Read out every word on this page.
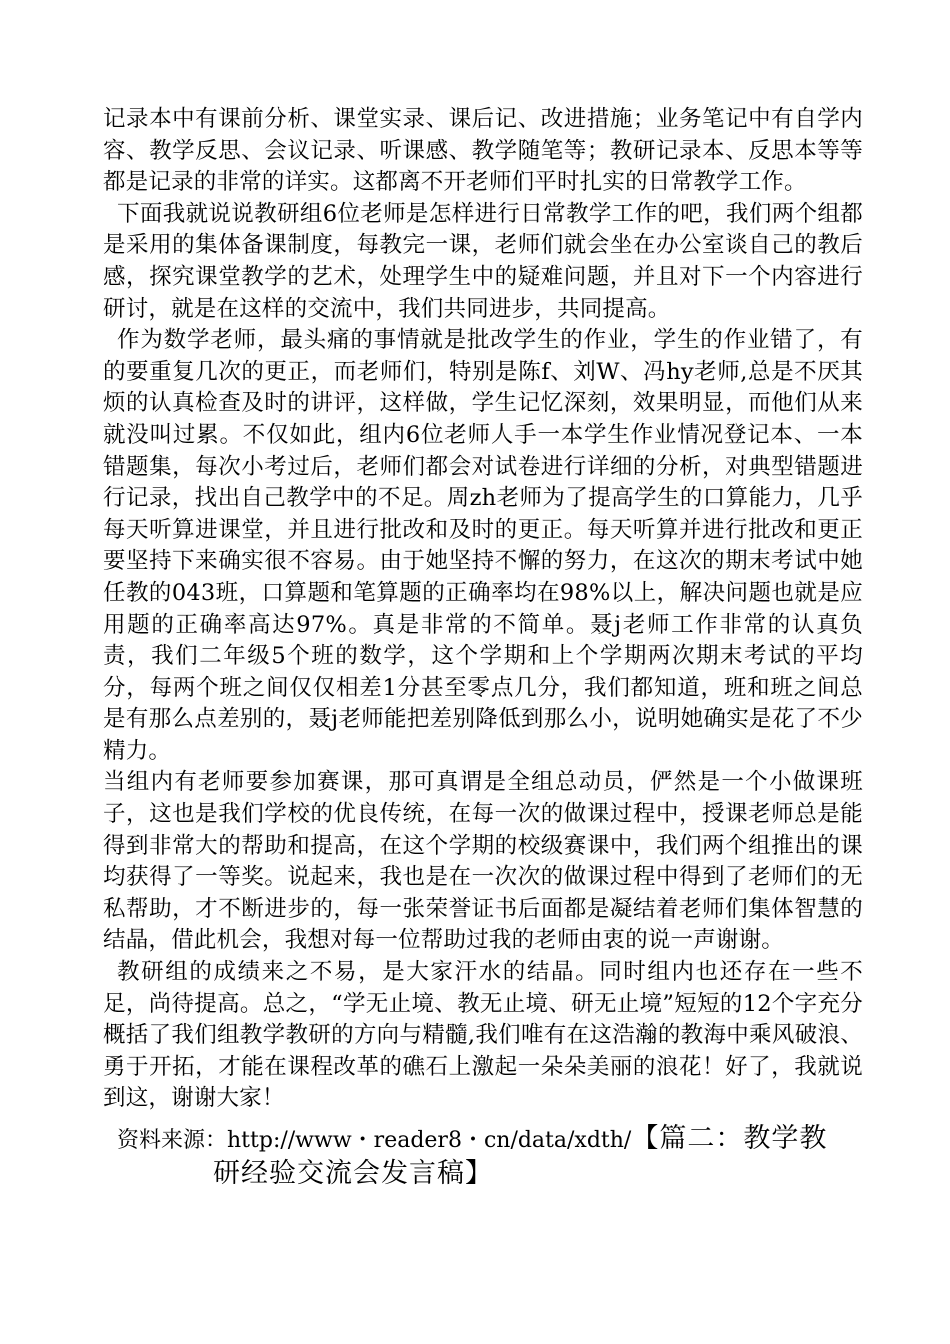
记录本中有课前分析、课堂实录、课后记、改进措施；业务笔记中有自学内容、教学反思、会议记录、听课感、教学随笔等；教研记录本、反思本等等都是记录的非常的详实。这都离不开老师们平时扎实的日常教学工作。

下面我就说说教研组6位老师是怎样进行日常教学工作的吧，我们两个组都是采用的集体备课制度，每教完一课，老师们就会坐在办公室谈自己的教后感，探究课堂教学的艺术，处理学生中的疑难问题，并且对下一个内容进行研讨，就是在这样的交流中，我们共同进步，共同提高。

作为数学老师，最头痛的事情就是批改学生的作业，学生的作业错了，有的要重复几次的更正，而老师们，特别是陈f、刘W、冯hy老师,总是不厌其烦的认真检查及时的讲评，这样做，学生记忆深刻，效果明显，而他们从来就没叫过累。不仅如此，组内6位老师人手一本学生作业情况登记本、一本错题集，每次小考过后，老师们都会对试卷进行详细的分析，对典型错题进行记录，找出自己教学中的不足。周zh老师为了提高学生的口算能力，几乎每天听算进课堂，并且进行批改和及时的更正。每天听算并进行批改和更正要坚持下来确实很不容易。由于她坚持不懈的努力，在这次的期末考试中她任教的043班，口算题和笔算题的正确率均在98%以上，解决问题也就是应用题的正确率高达97%。真是非常的不简单。聂j老师工作非常的认真负责，我们二年级5个班的数学，这个学期和上个学期两次期末考试的平均分，每两个班之间仅仅相差1分甚至零点几分，我们都知道，班和班之间总是有那么点差别的，聂j老师能把差别降低到那么小，说明她确实是花了不少精力。

当组内有老师要参加赛课，那可真谓是全组总动员，俨然是一个小做课班子，这也是我们学校的优良传统，在每一次的做课过程中，授课老师总是能得到非常大的帮助和提高，在这个学期的校级赛课中，我们两个组推出的课均获得了一等奖。说起来，我也是在一次次的做课过程中得到了老师们的无私帮助，才不断进步的，每一张荣誉证书后面都是凝结着老师们集体智慧的结晶，借此机会，我想对每一位帮助过我的老师由衷的说一声谢谢。

教研组的成绩来之不易，是大家汗水的结晶。同时组内也还存在一些不足，尚待提高。总之，“学无止境、教无止境、研无止境”短短的12个字充分概括了我们组教学教研的方向与精髓,我们唯有在这浩瀚的教海中乘风破浪、勇于开拓，才能在课程改革的礁石上激起一朵朵美丽的浪花！好了，我就说到这，谢谢大家！

资料来源：http://www・reader8・cn/data/xdth/【篇二：教学教
研经验交流会发言稿】
